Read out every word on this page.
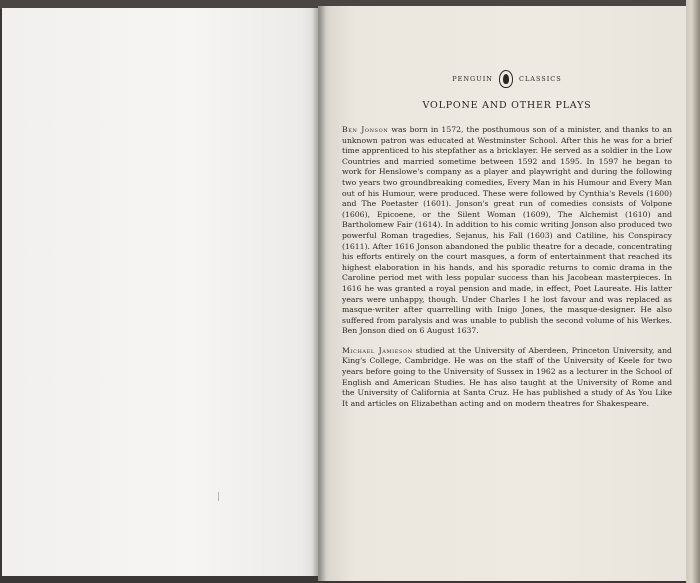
PENGUIN	CLASSICS
VOLPONE AND OTHER PLAYS

Ben Jonson was born in 1572, the posthumous son of a minister, and thanks to an unknown patron was educated at Westminster School. After this he was for a brief time apprenticed to his stepfather as a bricklayer. He served as a soldier in the Low Countries and married sometime between 1592 and 1595. In 1597 he began to work for Henslowe's company as a player and playwright and during the following two years two groundbreaking comedies, Every Man in his Humour and Every Man out of his Humour, were produced. These were followed by Cynthia's Revels (1600) and The Poetaster (1601). Jonson's great run of comedies consists of Volpone (1606), Epicoene, or the Silent Woman (1609), The Alchemist (1610) and Bartholomew Fair (1614). In addition to his comic writing Jonson also produced two powerful Roman tragedies, Sejanus, his Fall (1603) and Catiline, his Conspiracy (1611). After 1616 Jonson abandoned the public theatre for a decade, concentrating his efforts entirely on the court masques, a form of entertainment that reached its highest elaboration in his hands, and his sporadic returns to comic drama in the Caroline period met with less popular success than his Jacobean masterpieces. In 1616 he was granted a royal pension and made, in effect, Poet Laureate. His latter years were unhappy, though. Under Charles I he lost favour and was replaced as masque-writer after quarrelling with Inigo Jones, the masque-designer. He also suffered from paralysis and was unable to publish the second volume of his Werkes. Ben Jonson died on 6 August 1637.

Michael Jamieson studied at the University of Aberdeen, Princeton University, and King's College, Cambridge. He was on the staff of the University of Keele for two years before going to the University of Sussex in 1962 as a lecturer in the School of English and American Studies. He has also taught at the University of Rome and the University of California at Santa Cruz. He has published a study of As You Like It and articles on Elizabethan acting and on modern theatres for Shakespeare.
